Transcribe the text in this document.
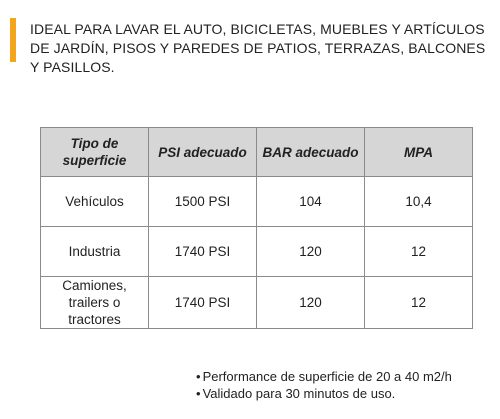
IDEAL PARA LAVAR EL AUTO, BICICLETAS, MUEBLES Y ARTÍCULOS DE JARDÍN, PISOS Y PAREDES DE PATIOS, TERRAZAS, BALCONES Y PASILLOS.
Tipo de superficie	PSI adecuado	BAR adecuado	MPA
Vehículos	1500 PSI	104	10,4
Industria	1740 PSI	120	12
Camiones, trailers o tractores	1740 PSI	120	12
• Performance de superficie de 20 a 40 m2/h
• Validado para 30 minutos de uso.
